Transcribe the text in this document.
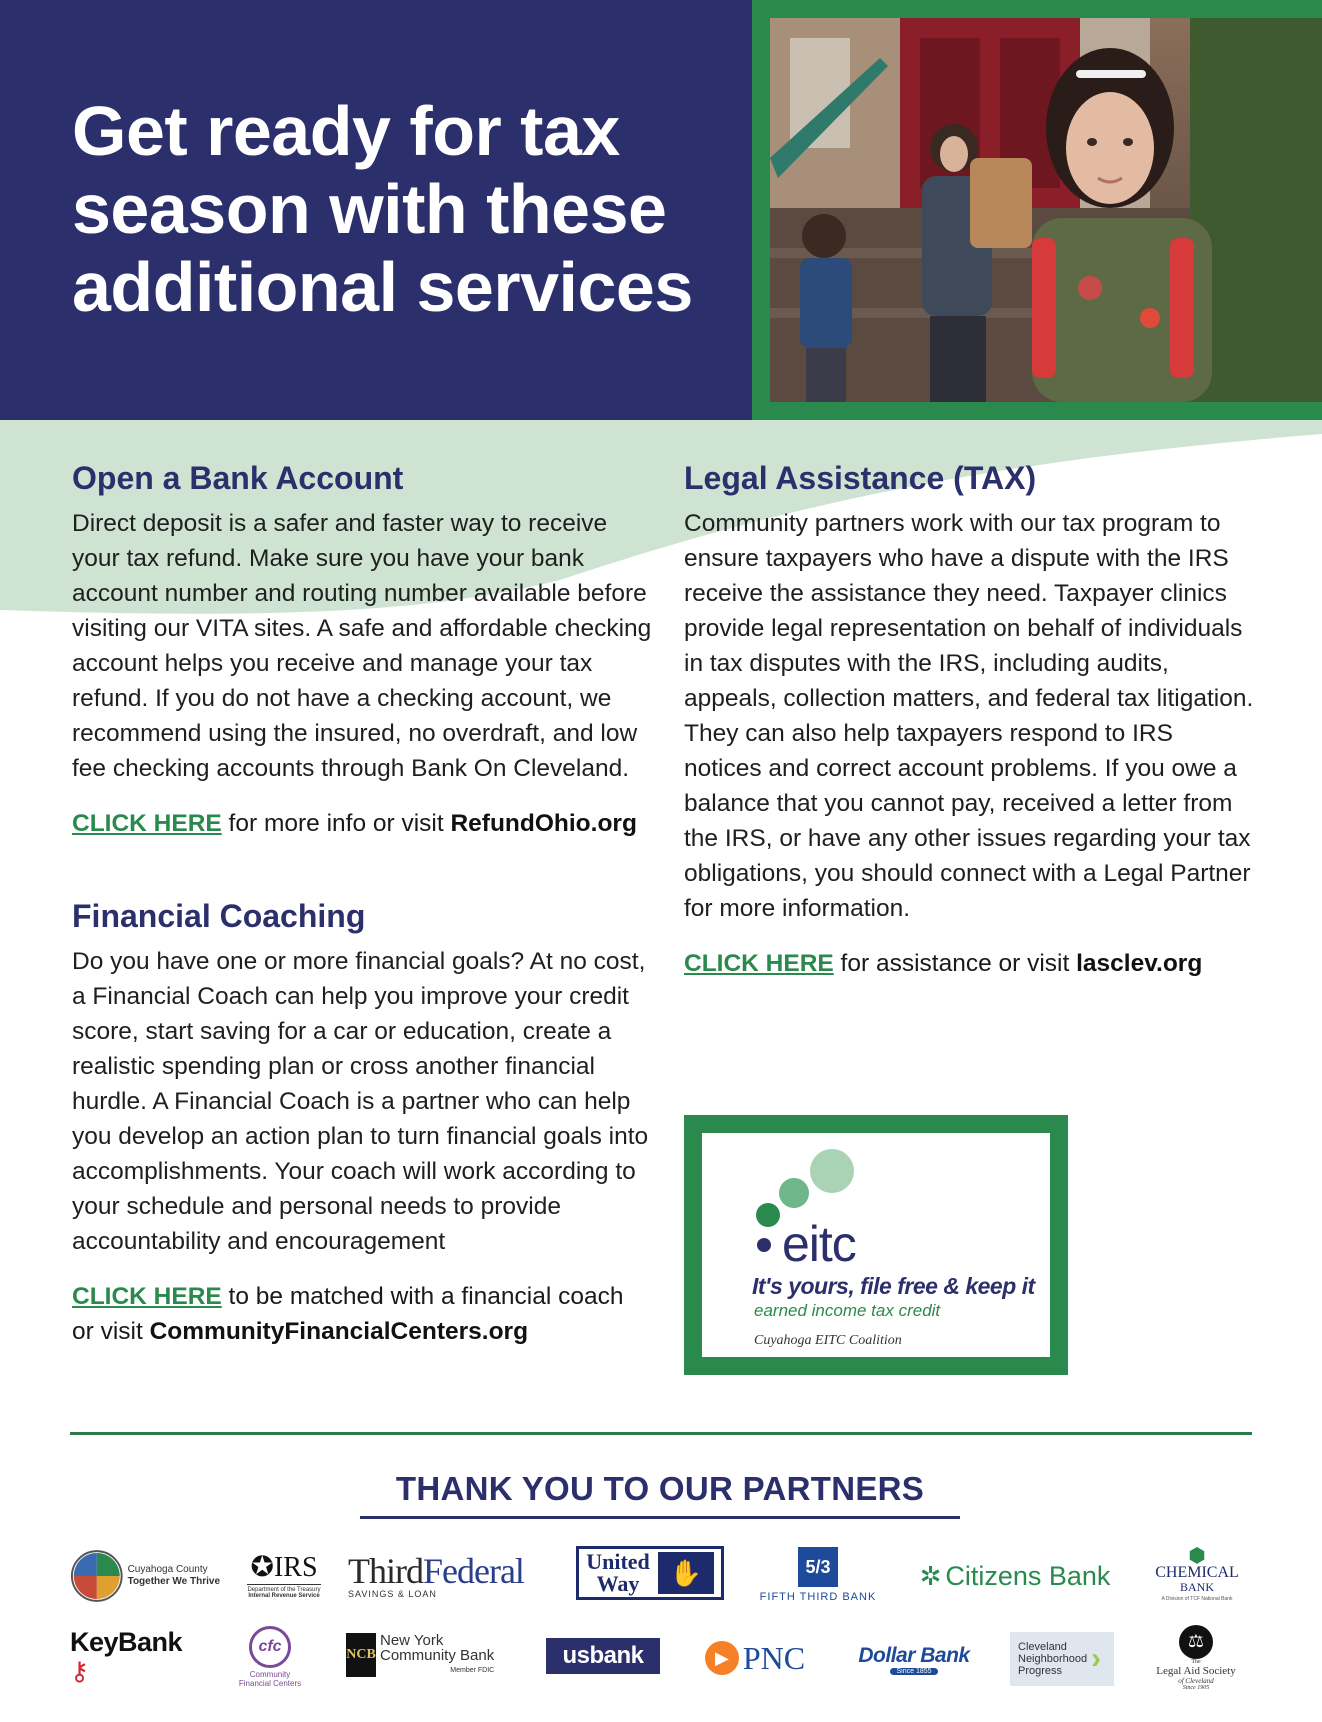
Get ready for tax season with these additional services
Open a Bank Account

Direct deposit is a safer and faster way to receive your tax refund. Make sure you have your bank account number and routing number available before visiting our VITA sites. A safe and affordable checking account helps you receive and manage your tax refund. If you do not have a checking account, we recommend using the insured, no overdraft, and low fee checking accounts through Bank On Cleveland.

CLICK HERE for more info or visit RefundOhio.org
Financial Coaching

Do you have one or more financial goals? At no cost, a Financial Coach can help you improve your credit score, start saving for a car or education, create a realistic spending plan or cross another financial hurdle. A Financial Coach is a partner who can help you develop an action plan to turn financial goals into accomplishments. Your coach will work according to your schedule and personal needs to provide accountability and encouragement

CLICK HERE to be matched with a financial coach or visit CommunityFinancialCenters.org
Legal Assistance (TAX)

Community partners work with our tax program to ensure taxpayers who have a dispute with the IRS receive the assistance they need. Taxpayer clinics provide legal representation on behalf of individuals in tax disputes with the IRS, including audits, appeals, collection matters, and federal tax litigation. They can also help taxpayers respond to IRS notices and correct account problems. If you owe a balance that you cannot pay, received a letter from the IRS, or have any other issues regarding your tax obligations, you should connect with a Legal Partner for more information.

CLICK HERE for assistance or visit lasclev.org
eitc
It's yours, file free & keep it
earned income tax credit
Cuyahoga EITC Coalition
THANK YOU TO OUR PARTNERS
Cuyahoga County
Together We Thrive ✪IRS
Department of the Treasury
Internal Revenue Service
ThirdFederal
SAVINGS & LOAN
United
Way	✋	5/3
FIFTH THIRD BANK
✲ Citizens Bank
⬢
CHEMICAL
BANK
A Division of TCF National Bank
KeyBank
⚷
cfc
Community
Financial Centers
NCB
New York
Community Bank
Member FDIC
usbank	▶ PNC	Dollar Bank
Since 1855
Cleveland
Neighborhood
Progress ›
⚖
The
Legal Aid Society
of Cleveland
Since 1905
